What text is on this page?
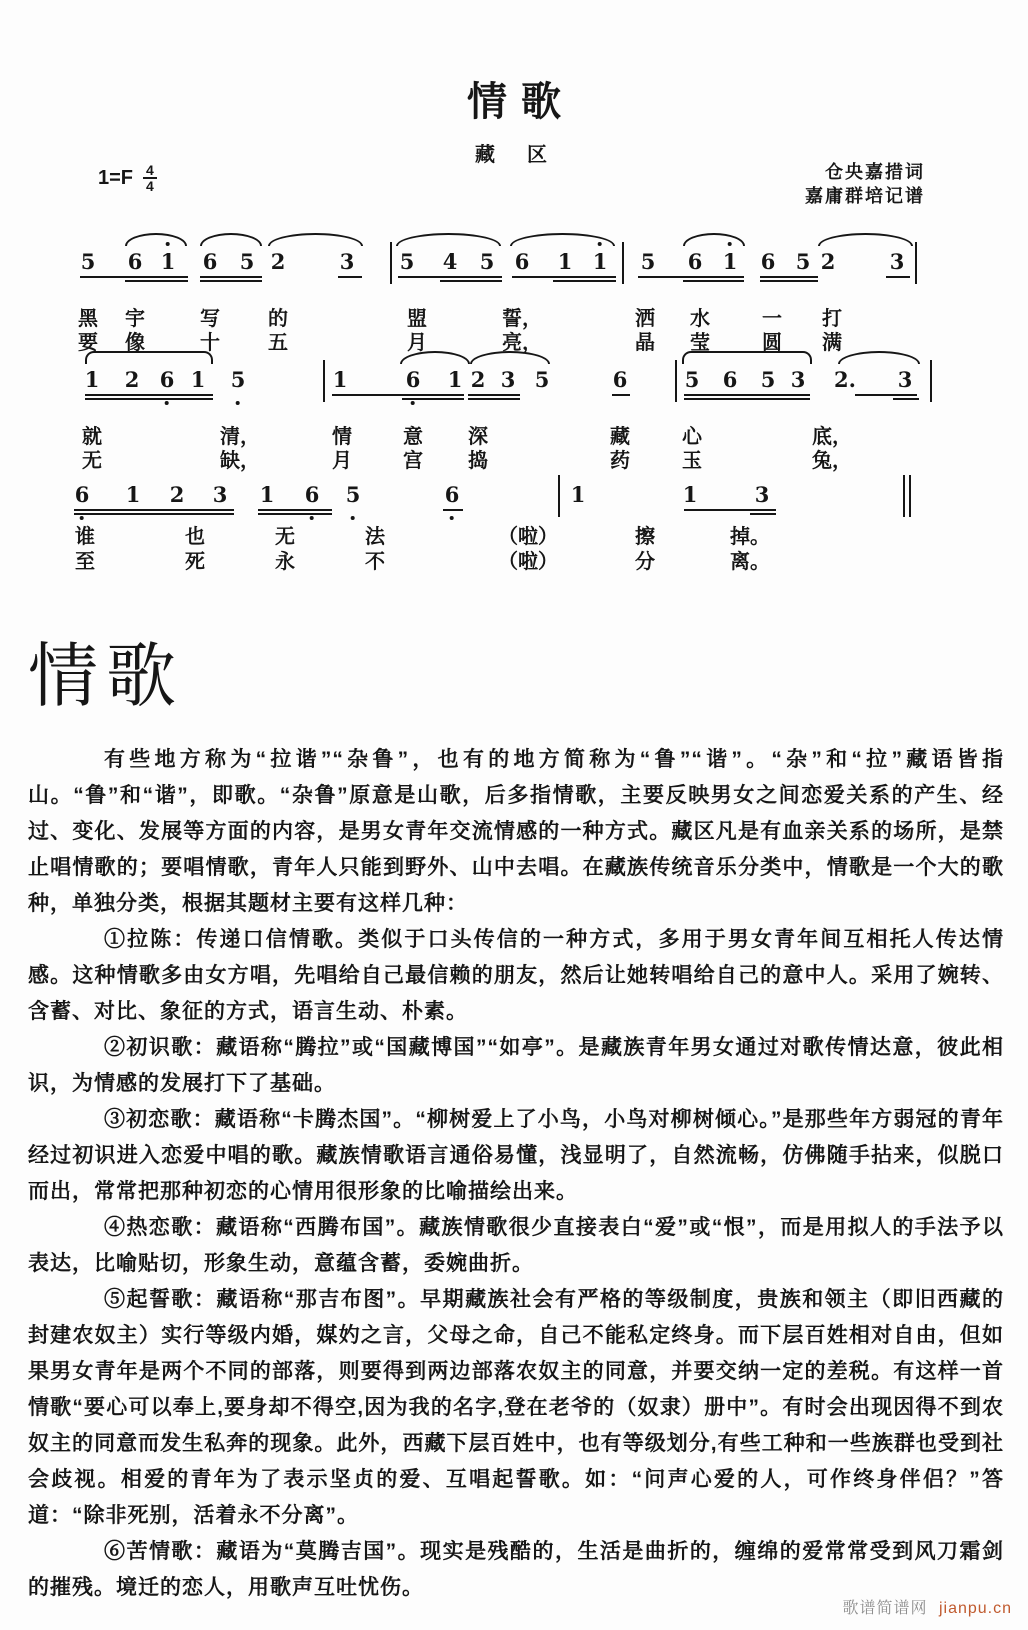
情歌
藏　区
$1=F \frac{4}{4}$	仓央嘉措词
嘉庸群培记谱
5 6 1 6 5 2	3 5 4 5 6 1 1 5 6 1 6 5 2	3
黑 宇	写 的	盟	誓，	洒 水	一 打
要 像	十 五	月	亮，	晶 莹	圆 满
1 2 6 1 5	1	6 1 2 3 5	6	5 6 5 3 2. 3
就	清，	情	意 深	藏	心	底，
无	缺，	月	宫 捣	药	玉	兔，
6 1 2 3 1 6 5	6	1	1	3
谁	也	无	法	（啦）	擦	掉。
至	死	永	不	（啦）	分	离。
情歌

有些地方称为“拉谐”“杂鲁”，也有的地方简称为“鲁”“谐”。“杂”和“拉”藏语皆指山。“鲁”和“谐”，即歌。“杂鲁”原意是山歌，后多指情歌，主要反映男女之间恋爱关系的产生、经过、变化、发展等方面的内容，是男女青年交流情感的一种方式。藏区凡是有血亲关系的场所，是禁止唱情歌的；要唱情歌，青年人只能到野外、山中去唱。在藏族传统音乐分类中，情歌是一个大的歌种，单独分类，根据其题材主要有这样几种：

①拉陈：传递口信情歌。类似于口头传信的一种方式，多用于男女青年间互相托人传达情感。这种情歌多由女方唱，先唱给自己最信赖的朋友，然后让她转唱给自己的意中人。采用了婉转、含蓄、对比、象征的方式，语言生动、朴素。

②初识歌：藏语称“腾拉”或“国藏博国”“如亭”。是藏族青年男女通过对歌传情达意，彼此相识，为情感的发展打下了基础。

③初恋歌：藏语称“卡腾杰国”。“柳树爱上了小鸟，小鸟对柳树倾心。”是那些年方弱冠的青年经过初识进入恋爱中唱的歌。藏族情歌语言通俗易懂，浅显明了，自然流畅，仿佛随手拈来，似脱口而出，常常把那种初恋的心情用很形象的比喻描绘出来。

④热恋歌：藏语称“西腾布国”。藏族情歌很少直接表白“爱”或“恨”，而是用拟人的手法予以表达，比喻贴切，形象生动，意蕴含蓄，委婉曲折。

⑤起誓歌：藏语称“那吉布图”。早期藏族社会有严格的等级制度，贵族和领主（即旧西藏的封建农奴主）实行等级内婚，媒妁之言，父母之命，自己不能私定终身。而下层百姓相对自由，但如果男女青年是两个不同的部落，则要得到两边部落农奴主的同意，并要交纳一定的差税。有这样一首情歌“要心可以奉上,要身却不得空,因为我的名字,登在老爷的（奴隶）册中”。有时会出现因得不到农奴主的同意而发生私奔的现象。此外，西藏下层百姓中，也有等级划分,有些工种和一些族群也受到社会歧视。相爱的青年为了表示坚贞的爱、互唱起誓歌。如：“问声心爱的人，可作终身伴侣？”答道：“除非死别，活着永不分离”。

⑥苦情歌：藏语为“莫腾吉国”。现实是残酷的，生活是曲折的，缠绵的爱常常受到风刀霜剑的摧残。境迁的恋人，用歌声互吐忧伤。

歌谱简谱网 jianpu.cn
